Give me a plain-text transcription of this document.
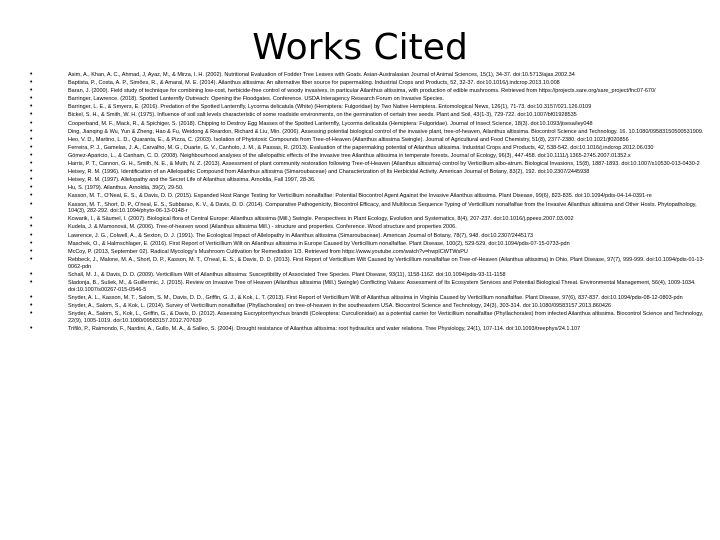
Works Cited
•	Asim, A., Khan, A. C., Ahmad, J, Ayaz, M., & Mirza, I. H. (2002). Nutritional Evaluation of Fodder Tree Leaves with Goats. Asian-Australasian Journal of Animal Sciences, 15(1), 34-37. doi:10.5713/ajas.2002.34
•	Baptista, P., Costa, A. P., Simões, R., & Amaral, M. E. (2014). Ailanthus altissima: An alternative fiber source for papermaking. Industrial Crops and Products, 52, 32-37. doi:10.1016/j.indcrop.2013.10.008
•	Baran, J. (2000). Field study of technique for combining low-cost, herbicide-free control of woody invasives, in particular Ailanthus altissima, with production of edible mushrooms. Retrieved from https://projects.sare.org/sare_project/fnc07-670/
•	Barringer, Lawrence. (2018). Spotted Lanternfly Outreach: Opening the Floodgates. Conference. USDA Interagency Research Forum on Invasive Species.
•	Barringer, L. E., & Smyers, E. (2016). Predation of the Spotted Lanternfly, Lycorma delicatula (White) (Hemiptera: Fulgoridae) by Two Native Hemiptera. Entomological News, 126(1), 71-73. doi:10.3157/021.126.0109
•	Bickel, S. H., & Smith, W. H. (1975). Influence of soil salt levels characteristic of some roadside environments, on the germination of certain tree seeds. Plant and Soil, 43(1-3), 729-722. doi:10.1007/bf01928535
•	Cooperband, M. F., Mack, R., & Spichiger, S. (2018). Chipping to Destroy Egg Masses of the Spotted Lanternfly, Lycorma delicatula (Hemiptera: Fulgoridae). Journal of Insect Science, 18(3). doi:10.1093/jisesa/iey048
•	Ding, Jianqing & Wu, Yun & Zheng, Hao & Fu, Weidong & Reardon, Richard & Liu, Min. (2006). Assessing potential biological control of the invasive plant, tree-of-heaven, Ailanthus altissima. Biocontrol Science and Technology. 16. 10.1080/09583150500531909.
•	Heo, V. D., Martino, L. D., Quaranta, E., & Pizza, C. (2003). Isolation of Phytotoxic Compounds from Tree-of-Heaven (Ailanthus altissima Swingle). Journal of Agricultural and Food Chemistry, 51(8), 2377-2380. doi:10.1021/jf020856
•	Ferreira, P. J., Gamelas, J. A., Carvalho, M. G., Duarte, G. V., Canhoto, J. M., & Passas, R. (2013). Evaluation of the papermaking potential of Ailanthus altissima. Industrial Crops and Products, 42, 538-542. doi:10.1016/j.indcrop.2012.06.030
•	Gómez-Aparicio, L., & Canham, C. D. (2008). Neighbourhood analyses of the allelopathic effects of the invasive tree Ailanthus altissima in temperate forests. Journal of Ecology, 96(3), 447-458. doi:10.1111/j.1365-2745.2007.01352.x
•	Harris, P. T., Cannon, G. H., Smith, N. E., & Muth, N. Z. (2013). Assessment of plant community restoration following Tree-of-Heaven (Ailanthus altissima) control by Verticillium albo-atrum. Biological Invasions, 15(8), 1887-1893. doi:10.1007/s10530-013-0430-2
•	Heisey, R. M. (1996). Identification of an Allelopathic Compound from Ailanthus altissima (Simaroubaceae) and Characterization of Its Herbicidal Activity. American Journal of Botany, 83(2), 192. doi:10.2307/2445938
•	Heisey, R. M. (1997). Allelopathy and the Secret Life of Ailanthus altissima. Arnoldia, Fall 1997, 28-36.
•	Hu, S. (1979). Ailanthus. Arnoldia, 39(2), 29-50.
•	Kasson, M. T., O'Neal, E. S., & Davis, D. D. (2015). Expanded Host Range Testing for Verticillium nonalfalfae: Potential Biocontrol Agent Against the Invasive Ailanthus altissima. Plant Disease, 99(6), 823-835. doi:10.1094/pdis-04-14-0391-re
•	Kasson, M. T., Short, D. P., O'neal, E. S., Subbarao, K. V., & Davis, D. D. (2014). Comparative Pathogenicity, Biocontrol Efficacy, and Multilocus Sequence Typing of Verticillium nonalfalfae from the Invasive Ailanthus altissima and Other Hosts. Phytopathology, 104(3), 282-292. doi:10.1094/phyto-06-13-0148-r
•	Kowarik, I., & Säumel, I. (2007). Biological flora of Central Europe: Ailanthus altissima (Mill.) Swingle. Perspectives in Plant Ecology, Evolution and Systematics, 8(4), 207-237. doi:10.1016/j.ppees.2007.03.002
•	Kudela, J. & Mamonová, M. (2006). Tree-of-heaven wood (Ailanthus altissima Mill.) - structure and properties. Conference. Wood structure and properties 2006.
•	Lawrence, J. G., Colwell, A., & Sexton, O. J. (1991). The Ecological Impact of Allelopathy in Ailanthus altissima (Simaroubaceae). American Journal of Botany, 78(7), 948. doi:10.2307/2445173
•	Maschek, O., & Halmschlager, E. (2016). First Report of Verticillium Wilt on Ailanthus altissima in Europe Caused by Verticillium nonalfalfae. Plant Disease, 100(2), 529-529. doi:10.1094/pdis-07-15-0733-pdn
•	McCoy, P. (2013, September 02). Radical Mycology's Mushroom Cultivation for Remediation 1/3. Retrieved from https://www.youtube.com/watch?v=hwpICWTWsPU
•	Rebbeck, J., Malone, M. A., Short, D. P., Kasson, M. T., O'neal, E. S., & Davis, D. D. (2013). First Report of Verticillium Wilt Caused by Verticillium nonalfalfae on Tree-of-Heaven (Ailanthus altissima) in Ohio. Plant Disease, 97(7), 999-999. doi:10.1094/pdis-01-13-0062-pdn
•	Schall, M. J., & Davis, D. D. (2009). Verticillium Wilt of Ailanthus altissima: Susceptibility of Associated Tree Species. Plant Disease, 93(11), 1158-1162. doi:10.1094/pdis-93-11-1158
•	Sladonja, B., Sušek, M., & Guillermic, J. (2015). Review on Invasive Tree of Heaven (Ailanthus altissima (Mill.) Swingle) Conflicting Values: Assessment of Its Ecosystem Services and Potential Biological Threat. Environmental Management, 56(4), 1009-1034. doi:10.1007/s00267-015-0546-5
•	Snyder, A. L., Kasson, M. T., Salom, S. M., Davis, D. D., Griffin, G. J., & Kok, L. T. (2013). First Report of Verticillium Wilt of Ailanthus altissima in Virginia Caused by Verticillium nonalfalfae. Plant Disease, 97(6), 837-837. doi:10.1094/pdis-08-12-0803-pdn
•	Snyder, A., Salom, S., & Kok, L. (2014). Survey of Verticillium nonalfalfae (Phyllachorales) on tree-of-heaven in the southeastern USA. Biocontrol Science and Technology, 24(3), 303-314. doi:10.1080/09583157.2013.860426
•	Snyder, A., Salom, S., Kok, L., Griffin, G., & Davis, D. (2012). Assessing Eucryptorrhynchus brandti (Coleoptera: Curculionidae) as a potential carrier for Verticillium nonalfalfae (Phyllachorales) from infected Ailanthus altissima. Biocontrol Science and Technology, 22(9), 1005-1019. doi:10.1080/09583157.2012.707639
•	Trifilò, P., Raimondo, F., Nardini, A., Gullo, M. A., & Salleo, S. (2004). Drought resistance of Ailanthus altissima: root hydraulics and water relations. Tree Physiology, 24(1), 107-114. doi:10.1093/treephys/24.1.107
